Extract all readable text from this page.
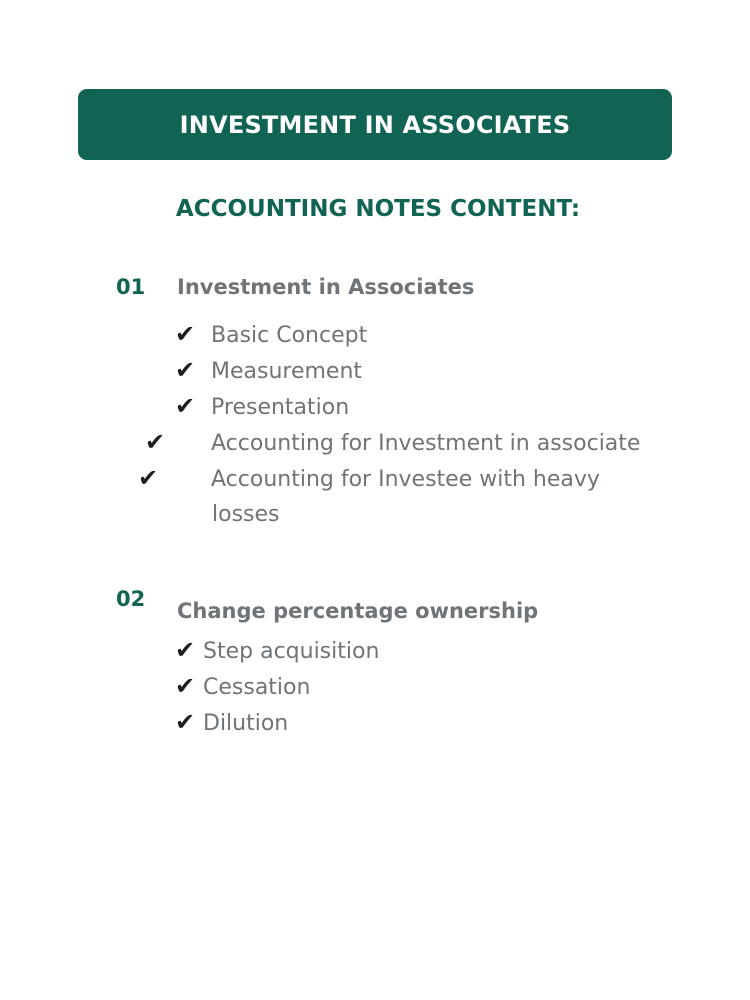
INVESTMENT IN ASSOCIATES
ACCOUNTING NOTES CONTENT:
01 Investment in Associates
✔ Basic Concept
✔ Measurement
✔ Presentation
✔ Accounting for Investment in associate
✔ Accounting for Investee with heavy losses
02 Change percentage ownership
✔ Step acquisition
✔ Cessation
✔ Dilution
